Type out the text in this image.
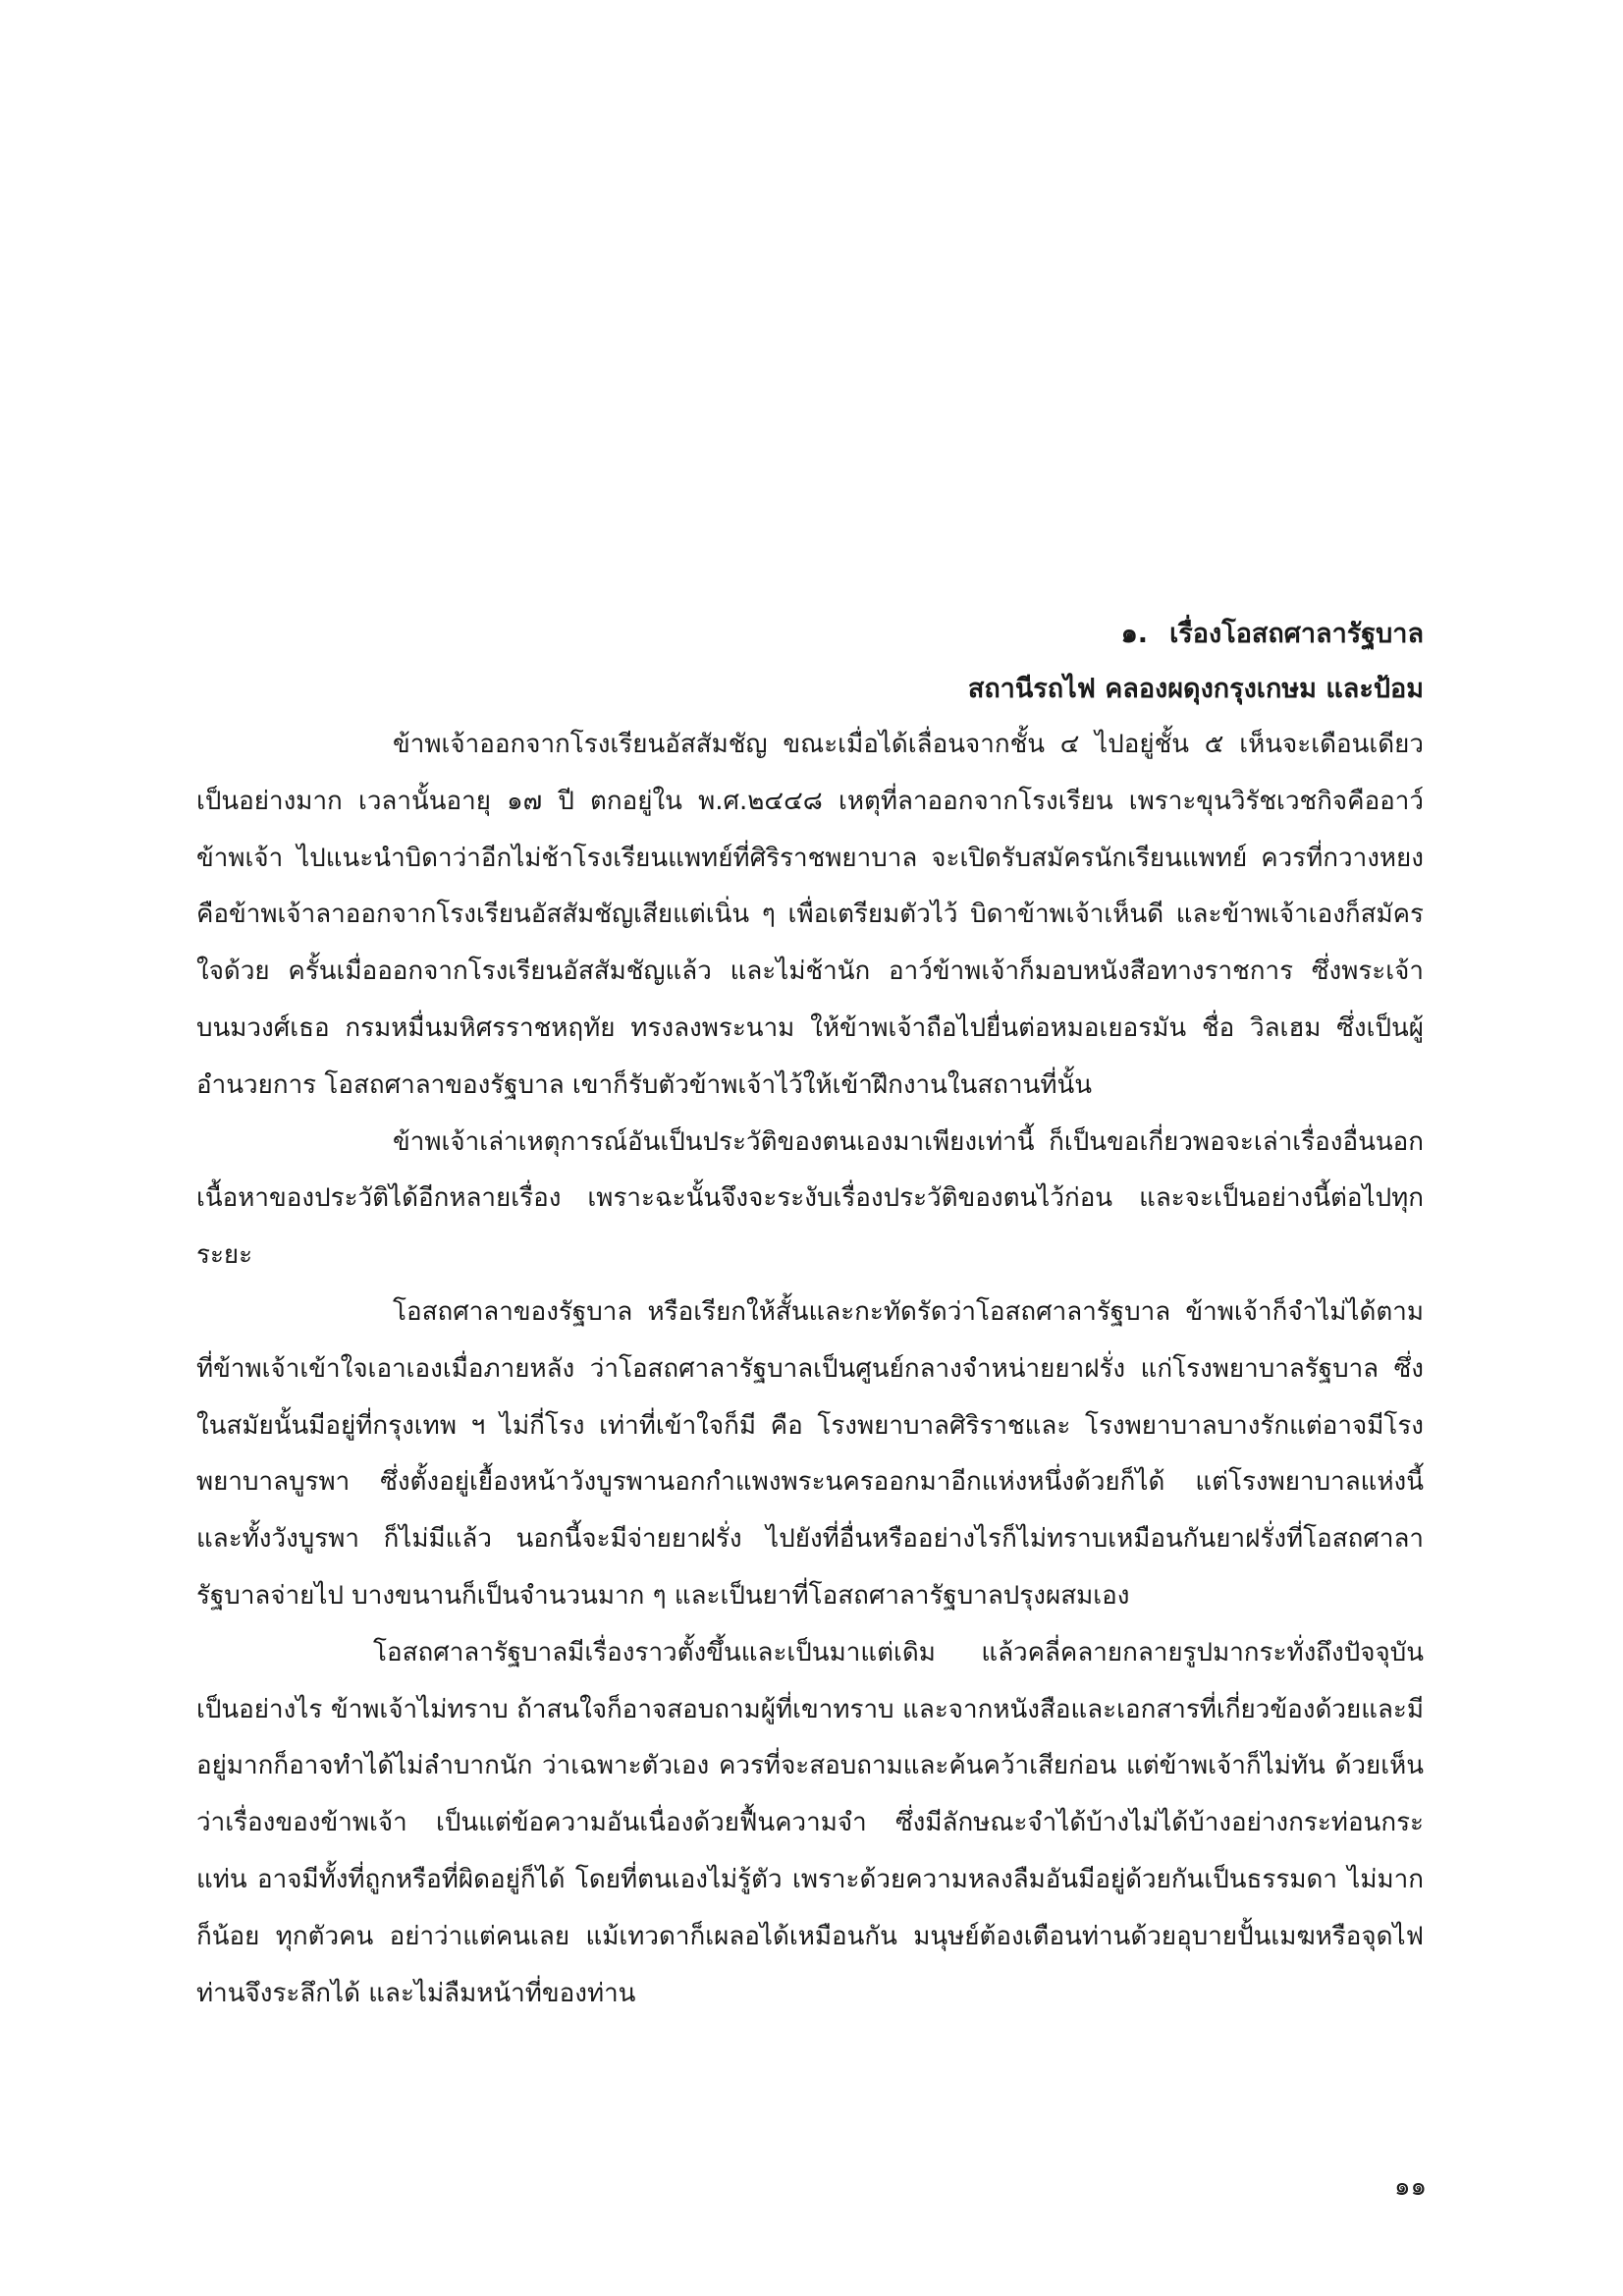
๑. เรื่องโอสถศาลารัฐบาล

สถานีรถไฟ คลองผดุงกรุงเกษม และป้อม

ข้าพเจ้าออกจากโรงเรียนอัสสัมชัญ ขณะเมื่อได้เลื่อนจากชั้น ๔ ไปอยู่ชั้น ๕ เห็นจะเดือนเดียวเป็นอย่างมาก เวลานั้นอายุ ๑๗ ปี ตกอยู่ใน พ.ศ.๒๔๔๘ เหตุที่ลาออกจากโรงเรียน เพราะขุนวิรัชเวชกิจคืออาว์ข้าพเจ้า ไปแนะนำบิดาว่าอีกไม่ช้าโรงเรียนแพทย์ที่ศิริราชพยาบาล จะเปิดรับสมัครนักเรียนแพทย์ ควรที่กวางหยงคือข้าพเจ้าลาออกจากโรงเรียนอัสสัมชัญเสียแต่เนิ่น ๆ เพื่อเตรียมตัวไว้ บิดาข้าพเจ้าเห็นดี และข้าพเจ้าเองก็สมัครใจด้วย ครั้นเมื่อออกจากโรงเรียนอัสสัมชัญแล้ว และไม่ช้านัก อาว์ข้าพเจ้าก็มอบหนังสือทางราชการ ซึ่งพระเจ้าบนมวงศ์เธอ กรมหมื่นมหิศรราชหฤทัย ทรงลงพระนาม ให้ข้าพเจ้าถือไปยื่นต่อหมอเยอรมัน ชื่อ วิลเฮม ซึ่งเป็นผู้อำนวยการ โอสถศาลาของรัฐบาล เขาก็รับตัวข้าพเจ้าไว้ให้เข้าฝึกงานในสถานที่นั้น

ข้าพเจ้าเล่าเหตุการณ์อันเป็นประวัติของตนเองมาเพียงเท่านี้ ก็เป็นขอเกี่ยวพอจะเล่าเรื่องอื่นนอกเนื้อหาของประวัติได้อีกหลายเรื่อง เพราะฉะนั้นจึงจะระงับเรื่องประวัติของตนไว้ก่อน และจะเป็นอย่างนี้ต่อไปทุกระยะ

โอสถศาลาของรัฐบาล หรือเรียกให้สั้นและกะทัดรัดว่าโอสถศาลารัฐบาล ข้าพเจ้าก็จำไม่ได้ตามที่ข้าพเจ้าเข้าใจเอาเองเมื่อภายหลัง ว่าโอสถศาลารัฐบาลเป็นศูนย์กลางจำหน่ายยาฝรั่ง แก่โรงพยาบาลรัฐบาล ซึ่งในสมัยนั้นมีอยู่ที่กรุงเทพ ฯ ไม่กี่โรง เท่าที่เข้าใจก็มี คือ โรงพยาบาลศิริราชและ โรงพยาบาลบางรักแต่อาจมีโรงพยาบาลบูรพา ซึ่งตั้งอยู่เยื้องหน้าวังบูรพานอกกำแพงพระนครออกมาอีกแห่งหนึ่งด้วยก็ได้ แต่โรงพยาบาลแห่งนี้และทั้งวังบูรพา ก็ไม่มีแล้ว นอกนี้จะมีจ่ายยาฝรั่ง ไปยังที่อื่นหรืออย่างไรก็ไม่ทราบเหมือนกันยาฝรั่งที่โอสถศาลารัฐบาลจ่ายไป บางขนานก็เป็นจำนวนมาก ๆ และเป็นยาที่โอสถศาลารัฐบาลปรุงผสมเอง

โอสถศาลารัฐบาลมีเรื่องราวตั้งขึ้นและเป็นมาแต่เดิม แล้วคลี่คลายกลายรูปมากระทั่งถึงปัจจุบันเป็นอย่างไร ข้าพเจ้าไม่ทราบ ถ้าสนใจก็อาจสอบถามผู้ที่เขาทราบ และจากหนังสือและเอกสารที่เกี่ยวข้องด้วยและมีอยู่มากก็อาจทำได้ไม่ลำบากนัก ว่าเฉพาะตัวเอง ควรที่จะสอบถามและค้นคว้าเสียก่อน แต่ข้าพเจ้าก็ไม่ทัน ด้วยเห็นว่าเรื่องของข้าพเจ้า เป็นแต่ข้อความอันเนื่องด้วยฟื้นความจำ ซึ่งมีลักษณะจำได้บ้างไม่ได้บ้างอย่างกระท่อนกระแท่น อาจมีทั้งที่ถูกหรือที่ผิดอยู่ก็ได้ โดยที่ตนเองไม่รู้ตัว เพราะด้วยความหลงลืมอันมีอยู่ด้วยกันเป็นธรรมดา ไม่มากก็น้อย ทุกตัวคน อย่าว่าแต่คนเลย แม้เทวดาก็เผลอได้เหมือนกัน มนุษย์ต้องเตือนท่านด้วยอุบายปั้นเมฆหรือจุดไฟ ท่านจึงระลึกได้ และไม่ลืมหน้าที่ของท่าน

๑๑
